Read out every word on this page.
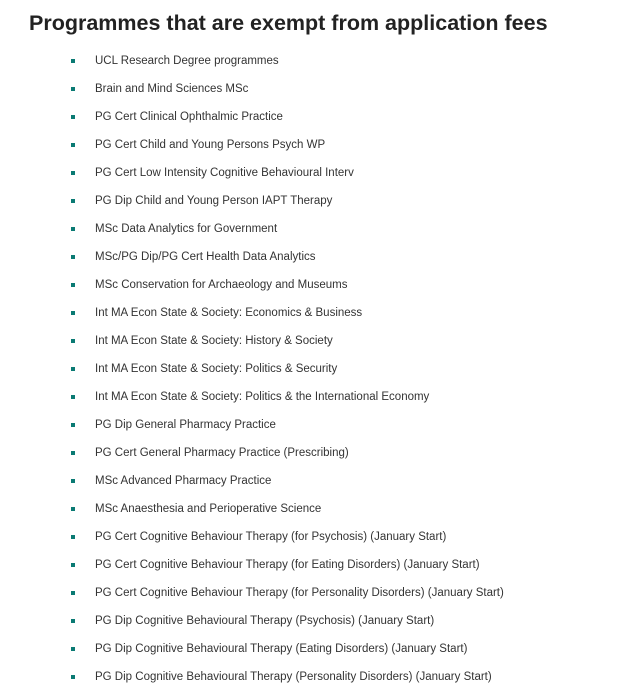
Programmes that are exempt from application fees
UCL Research Degree programmes
Brain and Mind Sciences MSc
PG Cert Clinical Ophthalmic Practice
PG Cert Child and Young Persons Psych WP
PG Cert Low Intensity Cognitive Behavioural Interv
PG Dip Child and Young Person IAPT Therapy
MSc Data Analytics for Government
MSc/PG Dip/PG Cert Health Data Analytics
MSc Conservation for Archaeology and Museums
Int MA Econ State & Society: Economics & Business
Int MA Econ State & Society: History & Society
Int MA Econ State & Society: Politics & Security
Int MA Econ State & Society: Politics & the International Economy
PG Dip General Pharmacy Practice
PG Cert General Pharmacy Practice (Prescribing)
MSc Advanced Pharmacy Practice
MSc Anaesthesia and Perioperative Science
PG Cert Cognitive Behaviour Therapy (for Psychosis) (January Start)
PG Cert Cognitive Behaviour Therapy (for Eating Disorders) (January Start)
PG Cert Cognitive Behaviour Therapy (for Personality Disorders) (January Start)
PG Dip Cognitive Behavioural Therapy (Psychosis) (January Start)
PG Dip Cognitive Behavioural Therapy (Eating Disorders) (January Start)
PG Dip Cognitive Behavioural Therapy (Personality Disorders) (January Start)
